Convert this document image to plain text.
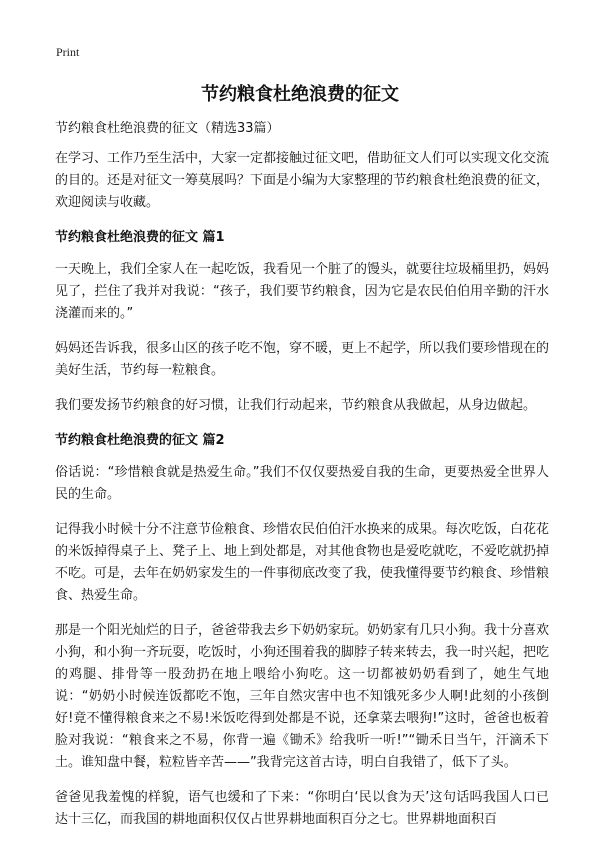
Print
节约粮食杜绝浪费的征文

节约粮食杜绝浪费的征文（精选33篇）

在学习、工作乃至生活中，大家一定都接触过征文吧，借助征文人们可以实现文化交流的目的。还是对征文一筹莫展吗？下面是小编为大家整理的节约粮食杜绝浪费的征文，欢迎阅读与收藏。

节约粮食杜绝浪费的征文 篇1

一天晚上，我们全家人在一起吃饭，我看见一个脏了的馒头，就要往垃圾桶里扔，妈妈见了，拦住了我并对我说：“孩子，我们要节约粮食，因为它是农民伯伯用辛勤的汗水浇灌而来的。”

妈妈还告诉我，很多山区的孩子吃不饱，穿不暖，更上不起学，所以我们要珍惜现在的美好生活，节约每一粒粮食。

我们要发扬节约粮食的好习惯，让我们行动起来，节约粮食从我做起，从身边做起。

节约粮食杜绝浪费的征文 篇2

俗话说：“珍惜粮食就是热爱生命。”我们不仅仅要热爱自我的生命，更要热爱全世界人民的生命。

记得我小时候十分不注意节俭粮食、珍惜农民伯伯汗水换来的成果。每次吃饭，白花花的米饭掉得桌子上、凳子上、地上到处都是，对其他食物也是爱吃就吃，不爱吃就扔掉不吃。可是，去年在奶奶家发生的一件事彻底改变了我，使我懂得要节约粮食、珍惜粮食、热爱生命。

那是一个阳光灿烂的日子，爸爸带我去乡下奶奶家玩。奶奶家有几只小狗。我十分喜欢小狗，和小狗一齐玩耍，吃饭时，小狗还围着我的脚脖子转来转去，我一时兴起，把吃的鸡腿、排骨等一股劲扔在地上喂给小狗吃。这一切都被奶奶看到了，她生气地说：“奶奶小时候连饭都吃不饱，三年自然灾害中也不知饿死多少人啊!此刻的小孩倒好!竟不懂得粮食来之不易!米饭吃得到处都是不说，还拿菜去喂狗!”这时，爸爸也板着脸对我说：“粮食来之不易，你背一遍《锄禾》给我听一听!”“锄禾日当午，汗滴禾下土。谁知盘中餐，粒粒皆辛苦——”我背完这首古诗，明白自我错了，低下了头。

爸爸见我羞愧的样貌，语气也缓和了下来：“你明白‘民以食为天’这句话吗我国人口已达十三亿，而我国的耕地面积仅仅占世界耕地面积百分之七。世界耕地面积百
